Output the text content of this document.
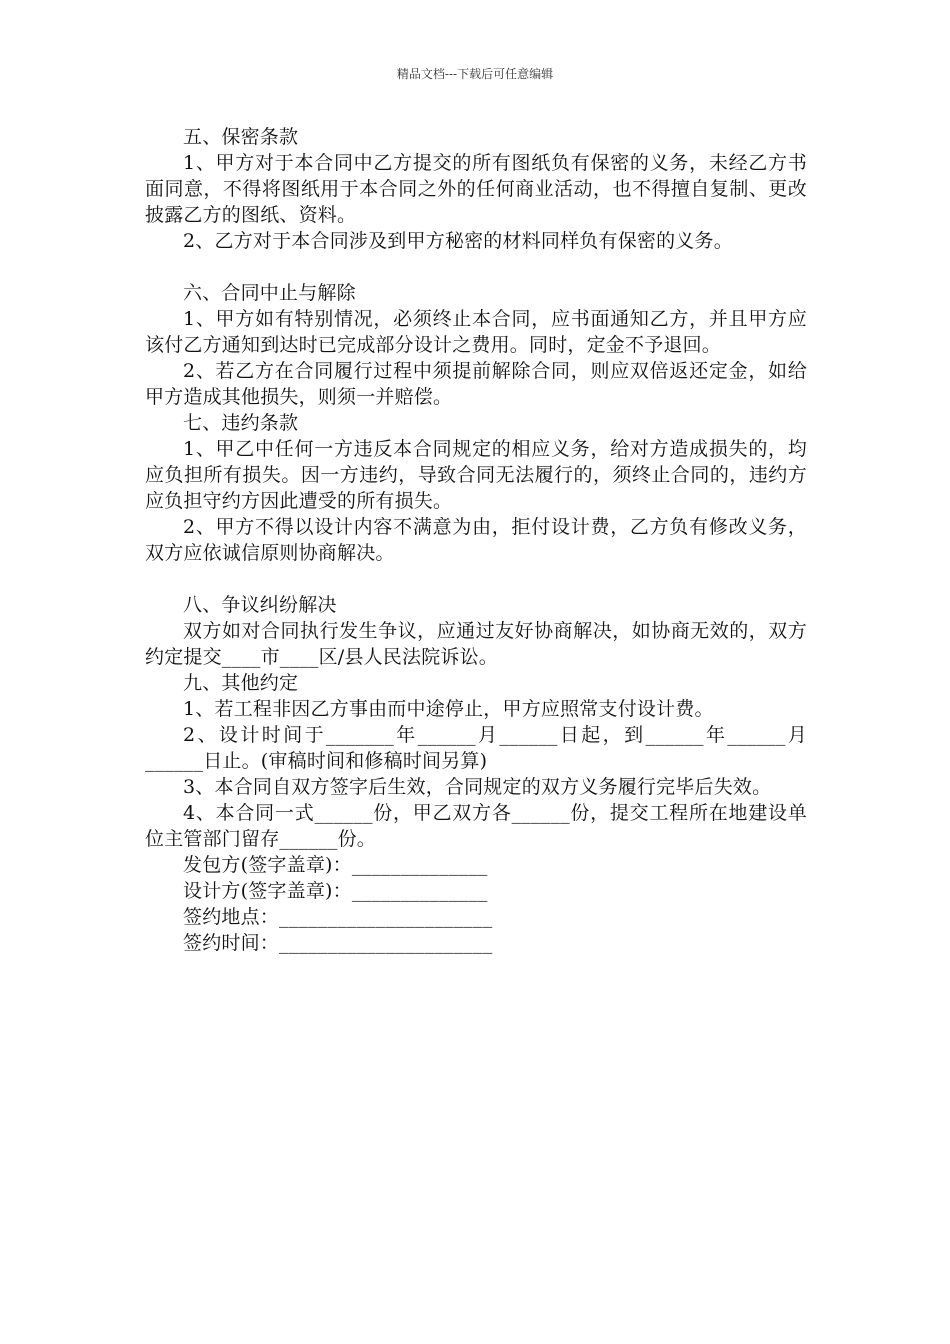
精品文档---下载后可任意编辑

五、保密条款

1、甲方对于本合同中乙方提交的所有图纸负有保密的义务，未经乙方书面同意，不得将图纸用于本合同之外的任何商业活动，也不得擅自复制、更改披露乙方的图纸、资料。

2、乙方对于本合同涉及到甲方秘密的材料同样负有保密的义务。

六、合同中止与解除

1、甲方如有特别情况，必须终止本合同，应书面通知乙方，并且甲方应该付乙方通知到达时已完成部分设计之费用。同时，定金不予退回。

2、若乙方在合同履行过程中须提前解除合同，则应双倍返还定金，如给甲方造成其他损失，则须一并赔偿。

七、违约条款

1、甲乙中任何一方违反本合同规定的相应义务，给对方造成损失的，均应负担所有损失。因一方违约，导致合同无法履行的，须终止合同的，违约方应负担守约方因此遭受的所有损失。

2、甲方不得以设计内容不满意为由，拒付设计费，乙方负有修改义务，双方应依诚信原则协商解决。

八、争议纠纷解决

双方如对合同执行发生争议，应通过友好协商解决，如协商无效的，双方约定提交____市____区/县人民法院诉讼。

九、其他约定

1、若工程非因乙方事由而中途停止，甲方应照常支付设计费。

2、设计时间于_______年______月______日起，到______年______月______日止。(审稿时间和修稿时间另算)

3、本合同自双方签字后生效，合同规定的双方义务履行完毕后失效。

4、本合同一式______份，甲乙双方各______份，提交工程所在地建设单位主管部门留存______份。

发包方(签字盖章)：______________

设计方(签字盖章)：______________

签约地点：______________________

签约时间：______________________
